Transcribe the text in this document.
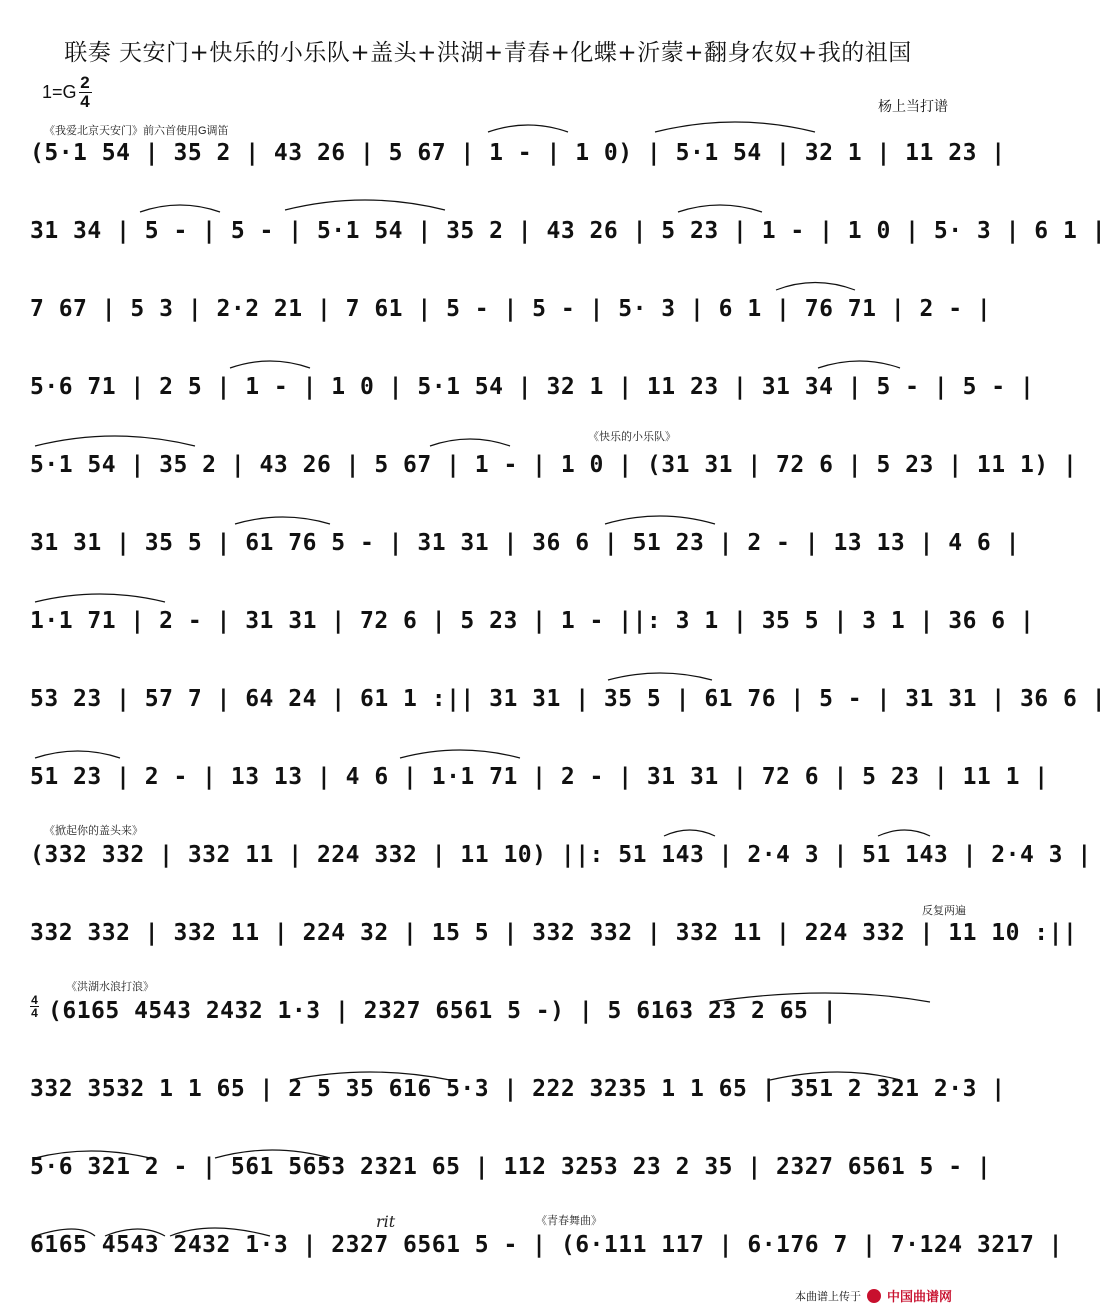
联奏 天安门+快乐的小乐队+盖头+洪湖+青春+化蝶+沂蒙+翻身农奴+我的祖国
$1=G \frac{2}{4}$	杨上当打谱
《我爱北京天安门》前六首使用G调笛
《快乐的小乐队》
《掀起你的盖头来》
反复两遍
《洪湖水浪打浪》
rit	《青春舞曲》
(5·1 54 | 35 2 | 43 26 | 5 67 | 1 - | 1 0) | 5·1 54 | 32 1 | 11 23 |
31 34 | 5 - | 5 - | 5·1 54 | 35 2 | 43 26 | 5 23 | 1 - | 1 0 | 5· 3 | 6 1 |
7 67 | 5 3 | 2·2 21 | 7 61 | 5 - | 5 - | 5· 3 | 6 1 | 76 71 | 2 - |
5·6 71 | 2 5 | 1 - | 1 0 | 5·1 54 | 32 1 | 11 23 | 31 34 | 5 - | 5 - |
5·1 54 | 35 2 | 43 26 | 5 67 | 1 - | 1 0 | (31 31 | 72 6 | 5 23 | 11 1) |
31 31 | 35 5 | 61 76 5 - | 31 31 | 36 6 | 51 23 | 2 - | 13 13 | 4 6 |
1·1 71 | 2 - | 31 31 | 72 6 | 5 23 | 1 - ||: 3 1 | 35 5 | 3 1 | 36 6 |
53 23 | 57 7 | 64 24 | 61 1 :|| 31 31 | 35 5 | 61 76 | 5 - | 31 31 | 36 6 |
51 23 | 2 - | 13 13 | 4 6 | 1·1 71 | 2 - | 31 31 | 72 6 | 5 23 | 11 1 |
(332 332 | 332 11 | 224 332 | 11 10) ||: 51 143 | 2·4 3 | 51 143 | 2·4 3 |
332 332 | 332 11 | 224 32 | 15 5 | 332 332 | 332 11 | 224 332 | 11 10 :||
4
4 (6165 4543 2432 1·3 | 2327 6561 5 -) | 5 6163 23 2 65 |
332 3532 1 1 65 | 2 5 35 616 5·3 | 222 3235 1 1 65 | 351 2 321 2·3 |
5·6 321 2 - | 561 5653 2321 65 | 112 3253 23 2 35 | 2327 6561 5 - |
6165 4543 2432 1·3 | 2327 6561 5 - | (6·111 117 | 6·176 7 | 7·124 3217 |
本曲谱上传于 中国曲谱网
